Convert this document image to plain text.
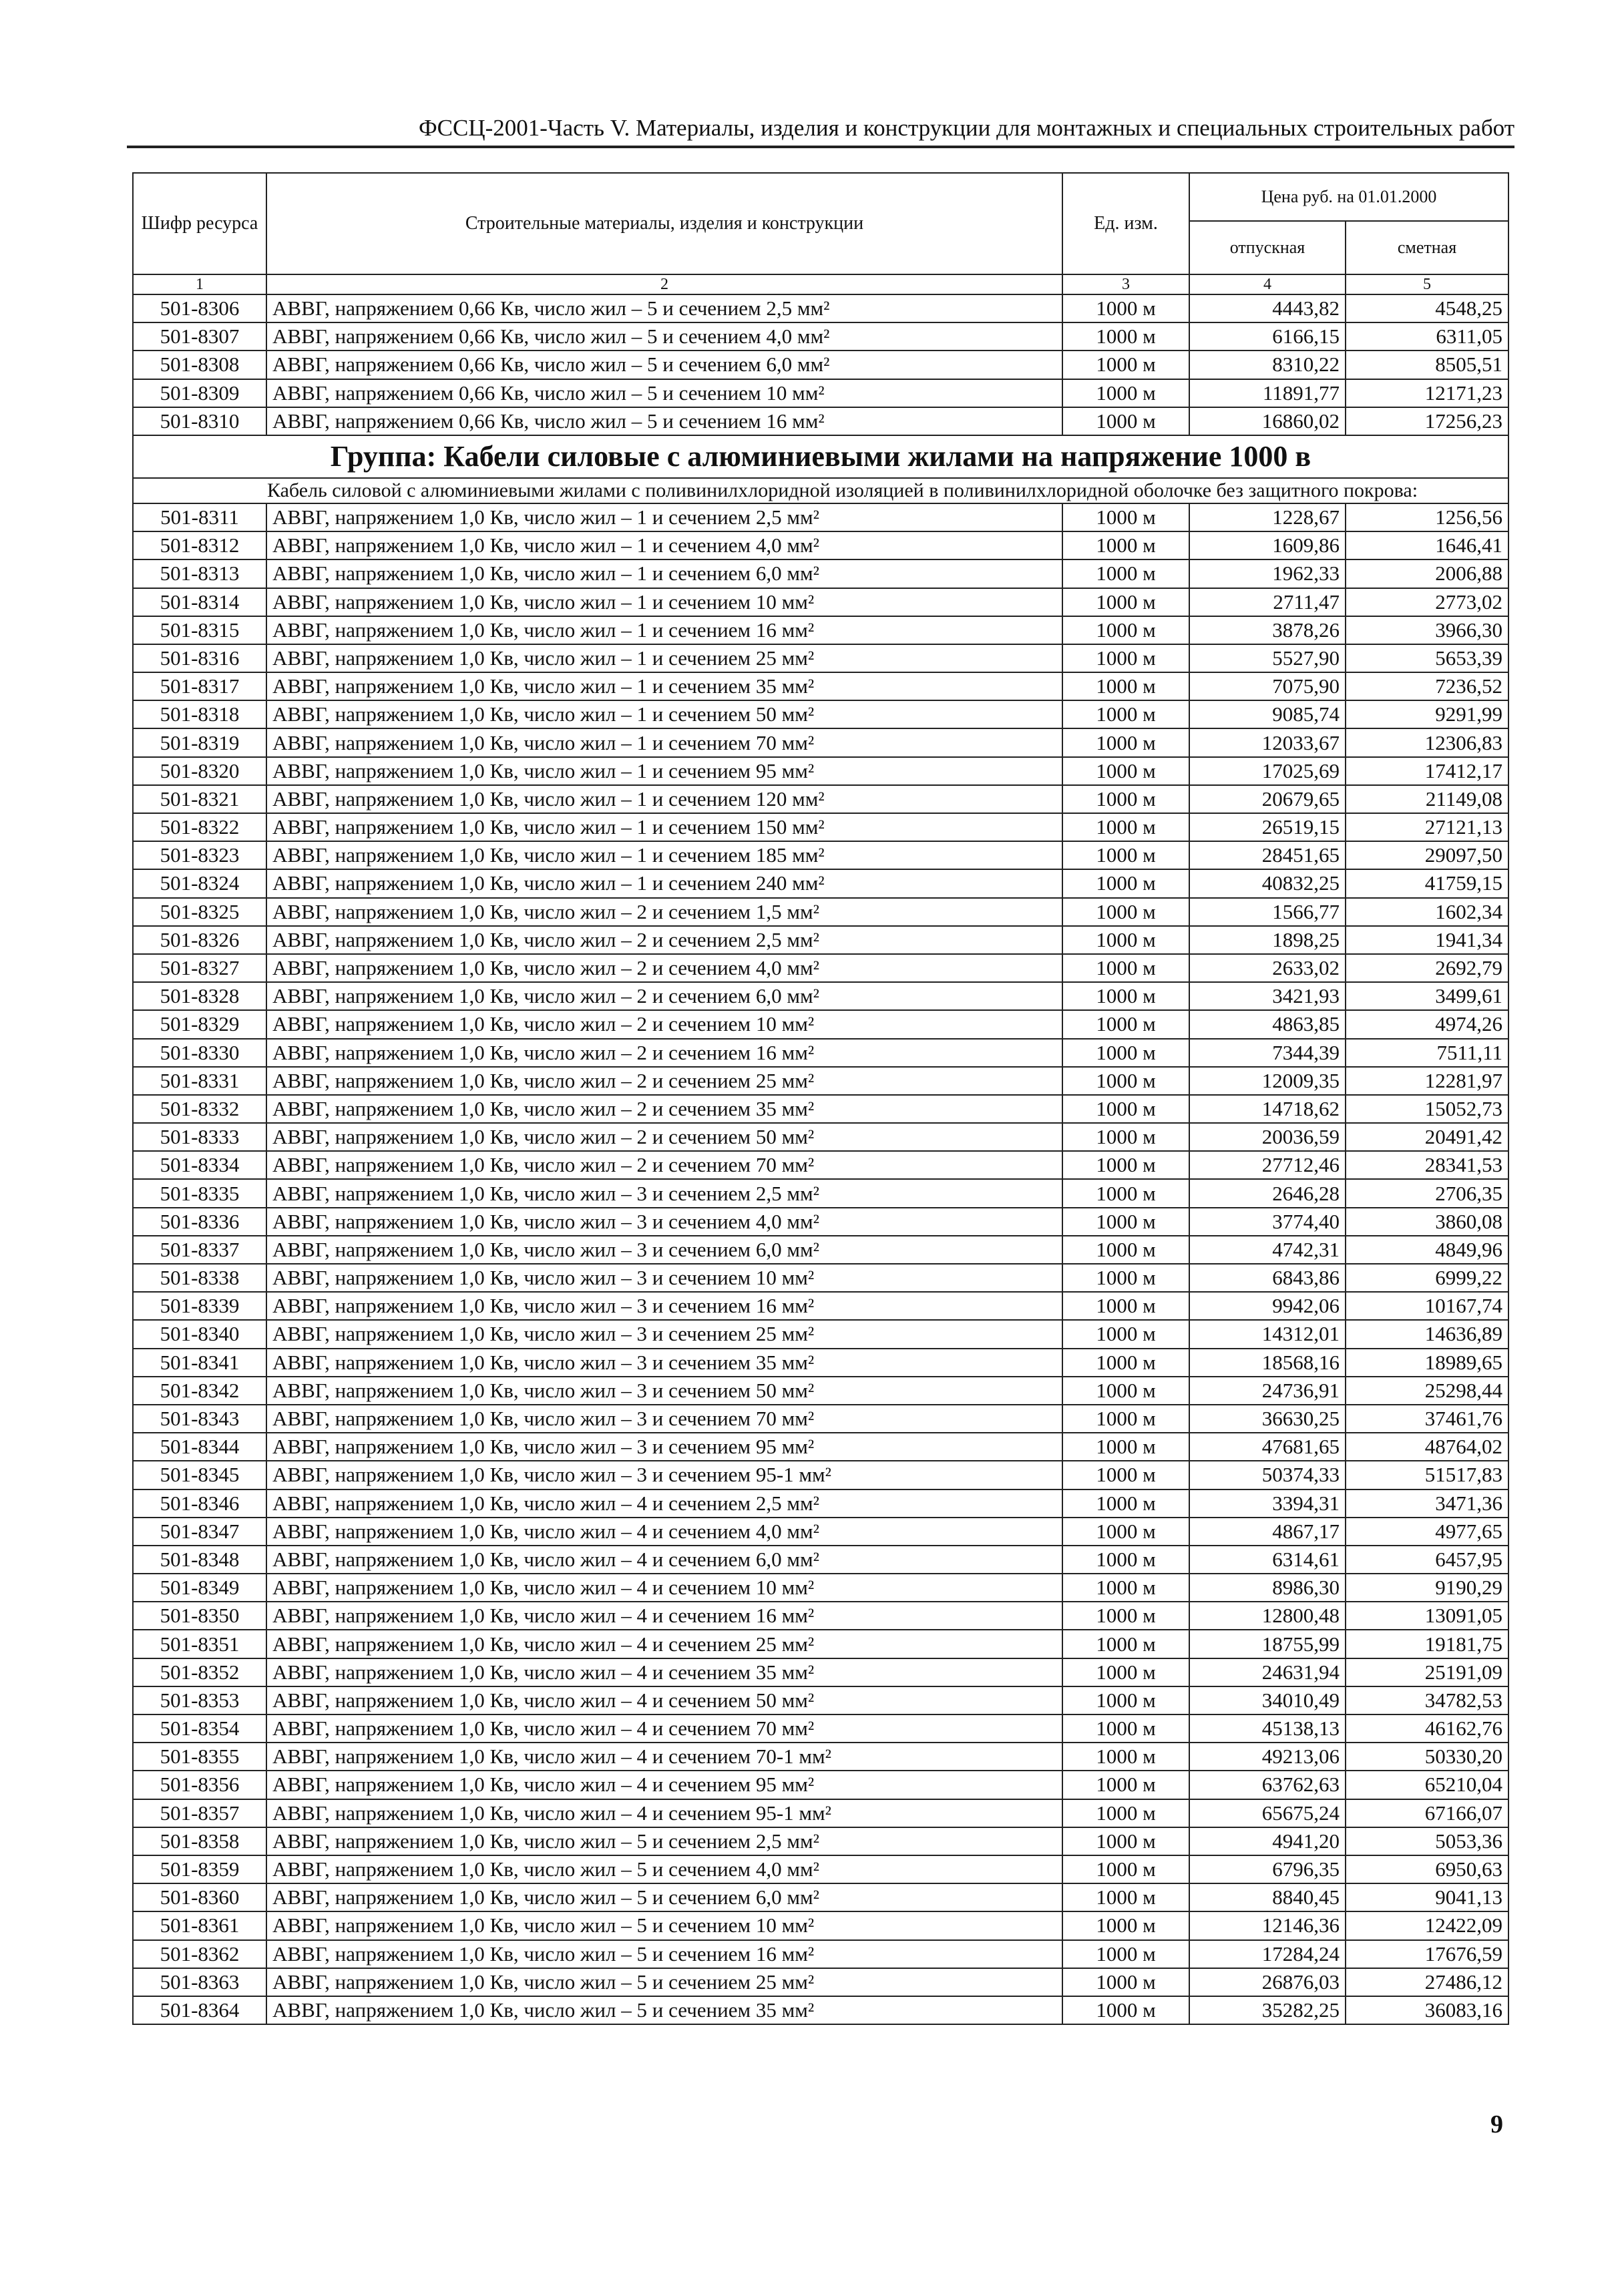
ФССЦ-2001-Часть V. Материалы, изделия и конструкции для монтажных и специальных строительных работ
Шифр ресурса	Строительные материалы, изделия и конструкции	Ед. изм.	Цена руб. на 01.01.2000	
			отпускная	сметная
1	2	3	4	5
501-8306	АВВГ, напряжением 0,66 Кв, число жил – 5 и сечением 2,5 мм²	1000 м	4443,82	4548,25
501-8307	АВВГ, напряжением 0,66 Кв, число жил – 5 и сечением 4,0 мм²	1000 м	6166,15	6311,05
501-8308	АВВГ, напряжением 0,66 Кв, число жил – 5 и сечением 6,0 мм²	1000 м	8310,22	8505,51
501-8309	АВВГ, напряжением 0,66 Кв, число жил – 5 и сечением 10 мм²	1000 м	11891,77	12171,23
501-8310	АВВГ, напряжением 0,66 Кв, число жил – 5 и сечением 16 мм²	1000 м	16860,02	17256,23
Группа: Кабели силовые с алюминиевыми жилами на напряжение 1000 в				
Кабель силовой с алюминиевыми жилами с поливинилхлоридной изоляцией в поливинилхлоридной оболочке без защитного покрова:				
501-8311	АВВГ, напряжением 1,0 Кв, число жил – 1 и сечением 2,5 мм²	1000 м	1228,67	1256,56
501-8312	АВВГ, напряжением 1,0 Кв, число жил – 1 и сечением 4,0 мм²	1000 м	1609,86	1646,41
501-8313	АВВГ, напряжением 1,0 Кв, число жил – 1 и сечением 6,0 мм²	1000 м	1962,33	2006,88
501-8314	АВВГ, напряжением 1,0 Кв, число жил – 1 и сечением 10 мм²	1000 м	2711,47	2773,02
501-8315	АВВГ, напряжением 1,0 Кв, число жил – 1 и сечением 16 мм²	1000 м	3878,26	3966,30
501-8316	АВВГ, напряжением 1,0 Кв, число жил – 1 и сечением 25 мм²	1000 м	5527,90	5653,39
501-8317	АВВГ, напряжением 1,0 Кв, число жил – 1 и сечением 35 мм²	1000 м	7075,90	7236,52
501-8318	АВВГ, напряжением 1,0 Кв, число жил – 1 и сечением 50 мм²	1000 м	9085,74	9291,99
501-8319	АВВГ, напряжением 1,0 Кв, число жил – 1 и сечением 70 мм²	1000 м	12033,67	12306,83
501-8320	АВВГ, напряжением 1,0 Кв, число жил – 1 и сечением 95 мм²	1000 м	17025,69	17412,17
501-8321	АВВГ, напряжением 1,0 Кв, число жил – 1 и сечением 120 мм²	1000 м	20679,65	21149,08
501-8322	АВВГ, напряжением 1,0 Кв, число жил – 1 и сечением 150 мм²	1000 м	26519,15	27121,13
501-8323	АВВГ, напряжением 1,0 Кв, число жил – 1 и сечением 185 мм²	1000 м	28451,65	29097,50
501-8324	АВВГ, напряжением 1,0 Кв, число жил – 1 и сечением 240 мм²	1000 м	40832,25	41759,15
501-8325	АВВГ, напряжением 1,0 Кв, число жил – 2 и сечением 1,5 мм²	1000 м	1566,77	1602,34
501-8326	АВВГ, напряжением 1,0 Кв, число жил – 2 и сечением 2,5 мм²	1000 м	1898,25	1941,34
501-8327	АВВГ, напряжением 1,0 Кв, число жил – 2 и сечением 4,0 мм²	1000 м	2633,02	2692,79
501-8328	АВВГ, напряжением 1,0 Кв, число жил – 2 и сечением 6,0 мм²	1000 м	3421,93	3499,61
501-8329	АВВГ, напряжением 1,0 Кв, число жил – 2 и сечением 10 мм²	1000 м	4863,85	4974,26
501-8330	АВВГ, напряжением 1,0 Кв, число жил – 2 и сечением 16 мм²	1000 м	7344,39	7511,11
501-8331	АВВГ, напряжением 1,0 Кв, число жил – 2 и сечением 25 мм²	1000 м	12009,35	12281,97
501-8332	АВВГ, напряжением 1,0 Кв, число жил – 2 и сечением 35 мм²	1000 м	14718,62	15052,73
501-8333	АВВГ, напряжением 1,0 Кв, число жил – 2 и сечением 50 мм²	1000 м	20036,59	20491,42
501-8334	АВВГ, напряжением 1,0 Кв, число жил – 2 и сечением 70 мм²	1000 м	27712,46	28341,53
501-8335	АВВГ, напряжением 1,0 Кв, число жил – 3 и сечением 2,5 мм²	1000 м	2646,28	2706,35
501-8336	АВВГ, напряжением 1,0 Кв, число жил – 3 и сечением 4,0 мм²	1000 м	3774,40	3860,08
501-8337	АВВГ, напряжением 1,0 Кв, число жил – 3 и сечением 6,0 мм²	1000 м	4742,31	4849,96
501-8338	АВВГ, напряжением 1,0 Кв, число жил – 3 и сечением 10 мм²	1000 м	6843,86	6999,22
501-8339	АВВГ, напряжением 1,0 Кв, число жил – 3 и сечением 16 мм²	1000 м	9942,06	10167,74
501-8340	АВВГ, напряжением 1,0 Кв, число жил – 3 и сечением 25 мм²	1000 м	14312,01	14636,89
501-8341	АВВГ, напряжением 1,0 Кв, число жил – 3 и сечением 35 мм²	1000 м	18568,16	18989,65
501-8342	АВВГ, напряжением 1,0 Кв, число жил – 3 и сечением 50 мм²	1000 м	24736,91	25298,44
501-8343	АВВГ, напряжением 1,0 Кв, число жил – 3 и сечением 70 мм²	1000 м	36630,25	37461,76
501-8344	АВВГ, напряжением 1,0 Кв, число жил – 3 и сечением 95 мм²	1000 м	47681,65	48764,02
501-8345	АВВГ, напряжением 1,0 Кв, число жил – 3 и сечением 95-1 мм²	1000 м	50374,33	51517,83
501-8346	АВВГ, напряжением 1,0 Кв, число жил – 4 и сечением 2,5 мм²	1000 м	3394,31	3471,36
501-8347	АВВГ, напряжением 1,0 Кв, число жил – 4 и сечением 4,0 мм²	1000 м	4867,17	4977,65
501-8348	АВВГ, напряжением 1,0 Кв, число жил – 4 и сечением 6,0 мм²	1000 м	6314,61	6457,95
501-8349	АВВГ, напряжением 1,0 Кв, число жил – 4 и сечением 10 мм²	1000 м	8986,30	9190,29
501-8350	АВВГ, напряжением 1,0 Кв, число жил – 4 и сечением 16 мм²	1000 м	12800,48	13091,05
501-8351	АВВГ, напряжением 1,0 Кв, число жил – 4 и сечением 25 мм²	1000 м	18755,99	19181,75
501-8352	АВВГ, напряжением 1,0 Кв, число жил – 4 и сечением 35 мм²	1000 м	24631,94	25191,09
501-8353	АВВГ, напряжением 1,0 Кв, число жил – 4 и сечением 50 мм²	1000 м	34010,49	34782,53
501-8354	АВВГ, напряжением 1,0 Кв, число жил – 4 и сечением 70 мм²	1000 м	45138,13	46162,76
501-8355	АВВГ, напряжением 1,0 Кв, число жил – 4 и сечением 70-1 мм²	1000 м	49213,06	50330,20
501-8356	АВВГ, напряжением 1,0 Кв, число жил – 4 и сечением 95 мм²	1000 м	63762,63	65210,04
501-8357	АВВГ, напряжением 1,0 Кв, число жил – 4 и сечением 95-1 мм²	1000 м	65675,24	67166,07
501-8358	АВВГ, напряжением 1,0 Кв, число жил – 5 и сечением 2,5 мм²	1000 м	4941,20	5053,36
501-8359	АВВГ, напряжением 1,0 Кв, число жил – 5 и сечением 4,0 мм²	1000 м	6796,35	6950,63
501-8360	АВВГ, напряжением 1,0 Кв, число жил – 5 и сечением 6,0 мм²	1000 м	8840,45	9041,13
501-8361	АВВГ, напряжением 1,0 Кв, число жил – 5 и сечением 10 мм²	1000 м	12146,36	12422,09
501-8362	АВВГ, напряжением 1,0 Кв, число жил – 5 и сечением 16 мм²	1000 м	17284,24	17676,59
501-8363	АВВГ, напряжением 1,0 Кв, число жил – 5 и сечением 25 мм²	1000 м	26876,03	27486,12
501-8364	АВВГ, напряжением 1,0 Кв, число жил – 5 и сечением 35 мм²	1000 м	35282,25	36083,16
9
